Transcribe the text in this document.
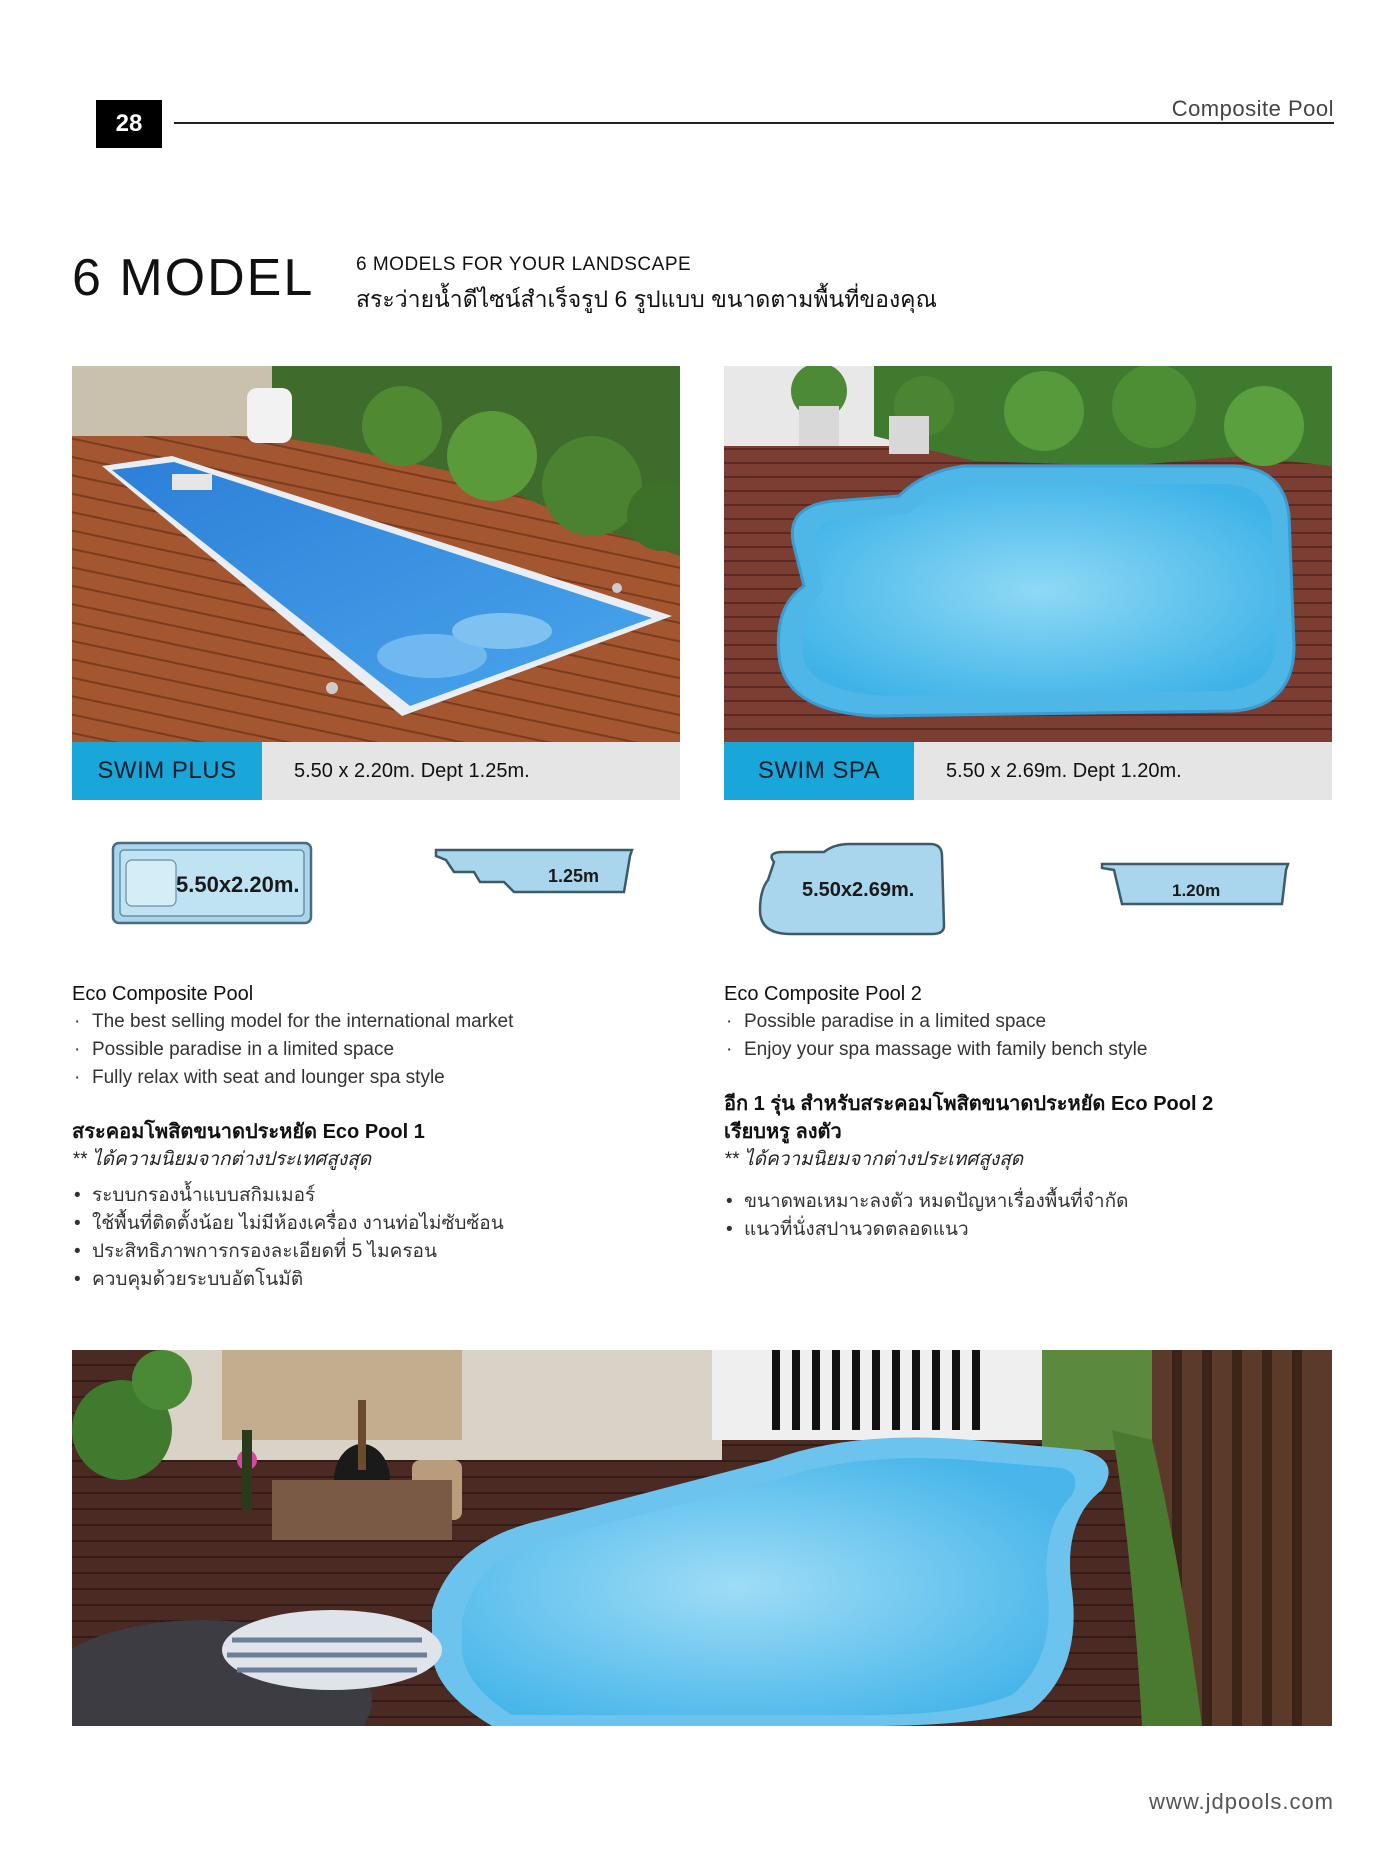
28
Composite Pool
6 MODEL 6 MODELS FOR YOUR LANDSCAPE
สระว่ายน้ำดีไซน์สำเร็จรูป 6 รูปแบบ ขนาดตามพื้นที่ของคุณ
SWIM PLUS	5.50 x 2.20m. Dept 1.25m.	SWIM SPA	5.50 x 2.69m. Dept 1.20m.
5.50x2.20m.	1.25m
5.50x2.69m.	1.20m
Eco Composite Pool
· The best selling model for the international market
· Possible paradise in a limited space
· Fully relax with seat and lounger spa style
สระคอมโพสิตขนาดประหยัด Eco Pool 1
** ได้ความนิยมจากต่างประเทศสูงสุด
• ระบบกรองน้ำแบบสกิมเมอร์
• ใช้พื้นที่ติดตั้งน้อย ไม่มีห้องเครื่อง งานท่อไม่ซับซ้อน
• ประสิทธิภาพการกรองละเอียดที่ 5 ไมครอน
• ควบคุมด้วยระบบอัตโนมัติ
Eco Composite Pool 2
· Possible paradise in a limited space
· Enjoy your spa massage with family bench style
อีก 1 รุ่น สำหรับสระคอมโพสิตขนาดประหยัด Eco Pool 2 เรียบหรู ลงตัว
** ได้ความนิยมจากต่างประเทศสูงสุด
• ขนาดพอเหมาะลงตัว หมดปัญหาเรื่องพื้นที่จำกัด
• แนวที่นั่งสปานวดตลอดแนว
www.jdpools.com
